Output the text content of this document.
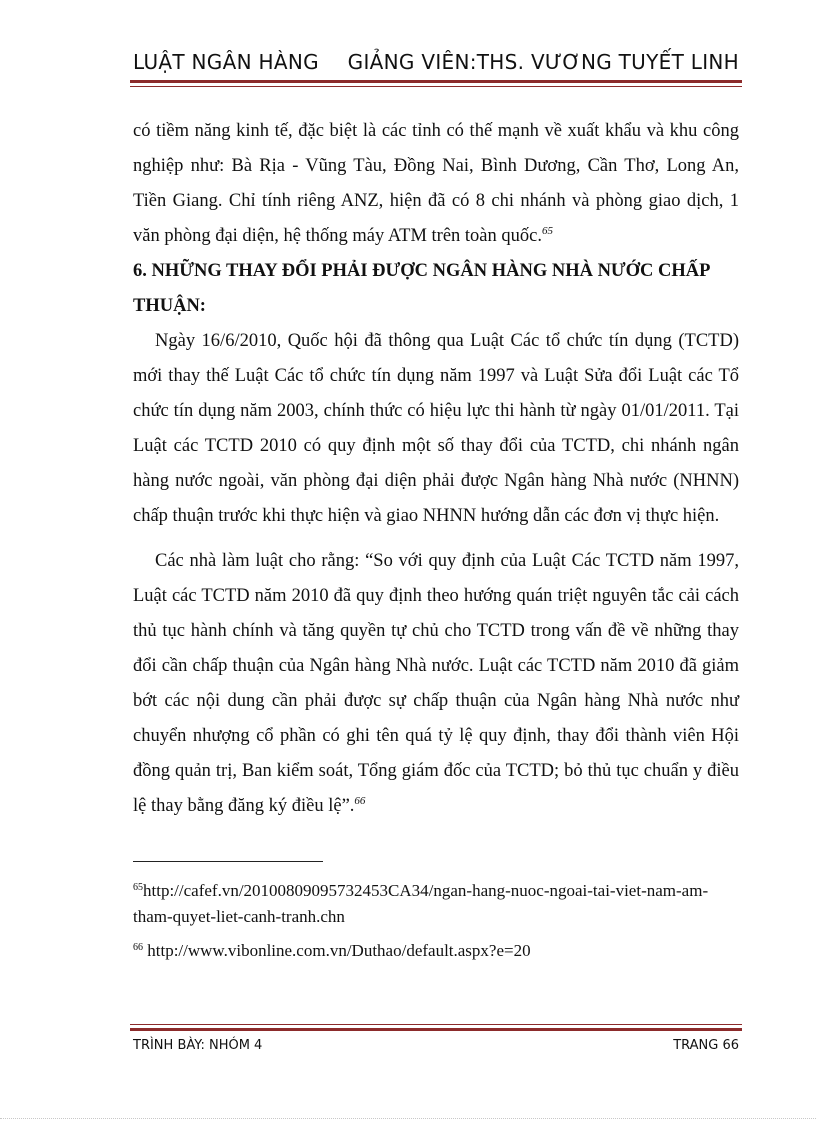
LUẬT NGÂN HÀNG GIẢNG VIÊN:THS. VƯƠNG TUYẾT LINH

có tiềm năng kinh tế, đặc biệt là các tỉnh có thế mạnh về xuất khẩu và khu công nghiệp như: Bà Rịa - Vũng Tàu, Đồng Nai, Bình Dương, Cần Thơ, Long An, Tiền Giang. Chỉ tính riêng ANZ, hiện đã có 8 chi nhánh và phòng giao dịch, 1 văn phòng đại diện, hệ thống máy ATM trên toàn quốc.$^{65}$

6. NHỮNG THAY ĐỔI PHẢI ĐƯỢC NGÂN HÀNG NHÀ NƯỚC CHẤP THUẬN:

Ngày 16/6/2010, Quốc hội đã thông qua Luật Các tổ chức tín dụng (TCTD) mới thay thế Luật Các tổ chức tín dụng năm 1997 và Luật Sửa đổi Luật các Tổ chức tín dụng năm 2003, chính thức có hiệu lực thi hành từ ngày 01/01/2011. Tại Luật các TCTD 2010 có quy định một số thay đổi của TCTD, chi nhánh ngân hàng nước ngoài, văn phòng đại diện phải được Ngân hàng Nhà nước (NHNN) chấp thuận trước khi thực hiện và giao NHNN hướng dẫn các đơn vị thực hiện.

Các nhà làm luật cho rằng: “So với quy định của Luật Các TCTD năm 1997, Luật các TCTD năm 2010 đã quy định theo hướng quán triệt nguyên tắc cải cách thủ tục hành chính và tăng quyền tự chủ cho TCTD trong vấn đề về những thay đổi cần chấp thuận của Ngân hàng Nhà nước. Luật các TCTD năm 2010 đã giảm bớt các nội dung cần phải được sự chấp thuận của Ngân hàng Nhà nước như chuyển nhượng cổ phần có ghi tên quá tỷ lệ quy định, thay đổi thành viên Hội đồng quản trị, Ban kiểm soát, Tổng giám đốc của TCTD; bỏ thủ tục chuẩn y điều lệ thay bằng đăng ký điều lệ”.$^{66}$

$^{65}$http://cafef.vn/20100809095732453CA34/ngan-hang-nuoc-ngoai-tai-viet-nam-am-tham-quyet-liet-canh-tranh.chn

$^{66}$ http://www.vibonline.com.vn/Duthao/default.aspx?e=20

TRÌNH BÀY: NHÓM 4	TRANG 66
